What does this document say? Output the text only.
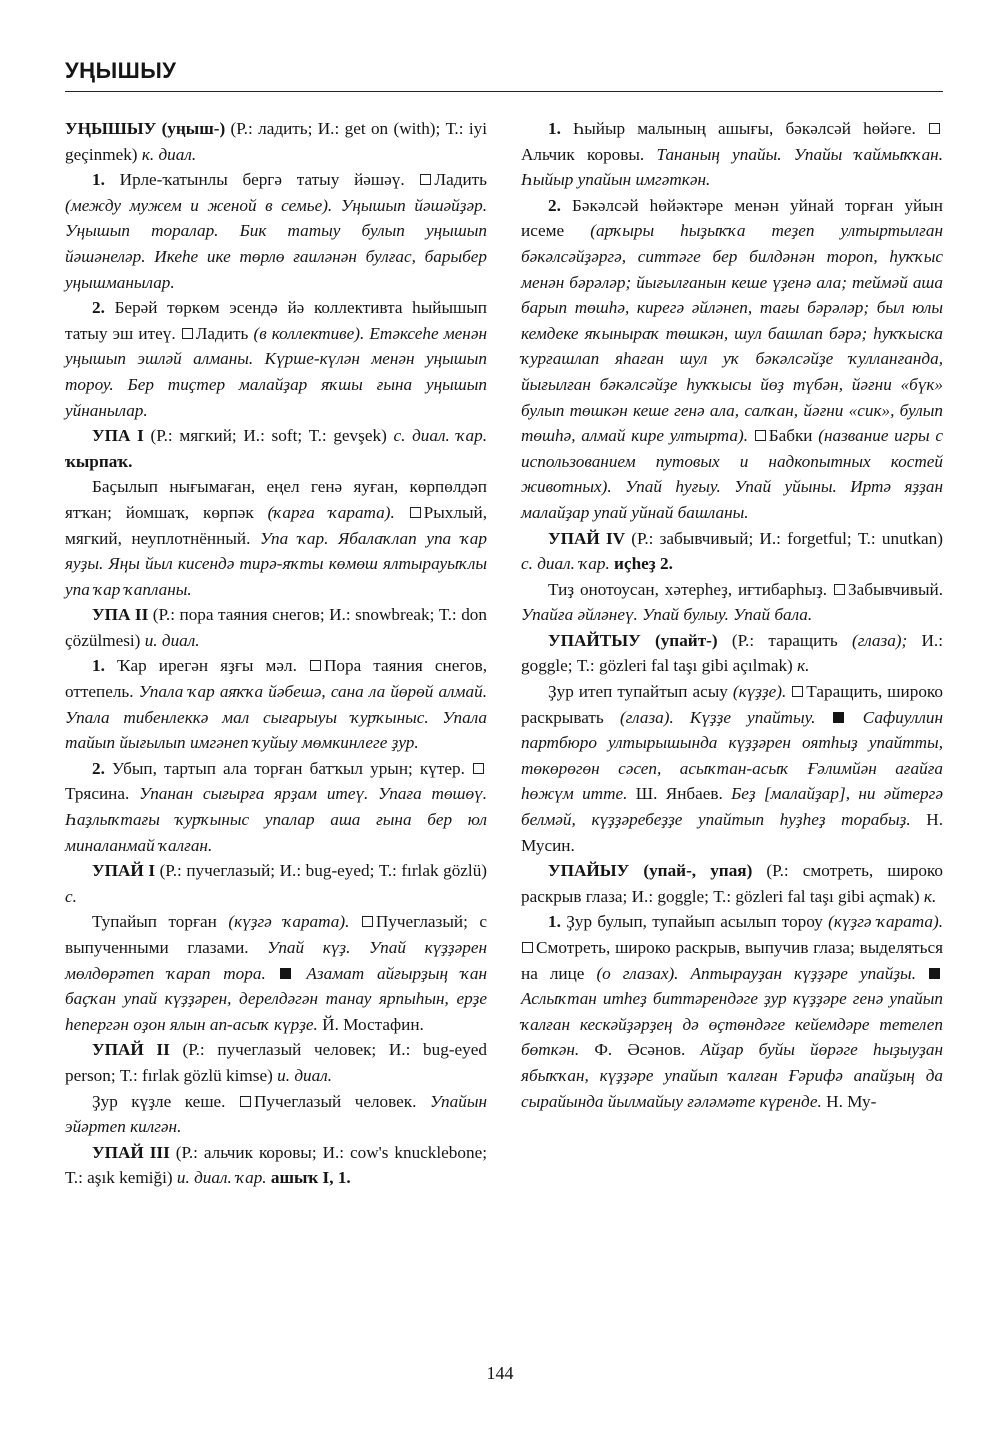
УҢЫШЫУ

УҢЫШЫУ (уңыш-) (Р.: ладить; И.: get on (with); Т.: iyi geçinmek) к. диал.

1. Ирле-ҡатынлы бергә татыу йәшәү. Ладить (между мужем и женой в семье). Уңышып йәшәйҙәр. Уңышып торалар. Бик татыу булып уңышып йәшәнеләр. Икеһе ике төрлө ғаиләнән булғас, барыбер уңышманылар.

2. Берәй төркөм эсендә йә коллективта һыйышып татыу эш итеү. Ладить (в коллективе). Етәксеһе менән уңышып эшләй алманы. Күрше-күлән менән уңышып тороу. Бер тиҫтер малайҙар яҡшы ғына уңышып уйнанылар.

УПА I (Р.: мягкий; И.: soft; Т.: gevşek) с. диал. ҡар. ҡырпаҡ.

Баҫылып нығымаған, еңел генә яуған, көрпөлдәп ятҡан; йомшаҡ, көрпәк (ҡарға ҡарата). Рыхлый, мягкий, неуплотнённый. Упа ҡар. Ябалаҡлап упа ҡар яуҙы. Яңы йыл кисендә тирә-яҡты көмөш ялтырауыҡлы упа ҡар ҡапланы.

УПА II (Р.: пора таяния снегов; И.: snowbreak; Т.: don çözülmesi) и. диал.

1. Ҡар ирегән яҙғы мәл. Пора таяния снегов, оттепель. Упала ҡар аяҡҡа йәбешә, сана ла йөрөй алмай. Упала тибенлеккә мал сығарыуы ҡурҡыныс. Упала тайып йығылып имгәнеп ҡуйыу мөмкинлеге ҙур.

2. Убып, тартып ала торған батҡыл урын; күтер. Трясина. Упанан сығырға ярҙам итеү. Упаға төшөү. Һаҙлыҡтағы ҡурҡыныс упалар аша ғына бер юл миналанмай ҡалған.

УПАЙ I (Р.: пучеглазый; И.: bug-eyed; Т.: fırlak gözlü) с.

Тупайып торған (күҙгә ҡарата). Пучеглазый; с выпученными глазами. Упай күҙ. Упай күҙҙәрен мөлдөрәтеп ҡарап тора.  Азамат айғырҙың ҡан баҫҡан упай күҙҙәрен, дерелдәгән танау ярпыһын, ерҙе һепергән оҙон ялын ап-асыҡ күрҙе. Й. Мостафин.

УПАЙ II (Р.: пучеглазый человек; И.: bug-eyed person; Т.: fırlak gözlü kimse) и. диал.

Ҙур күҙле кеше. Пучеглазый человек. Упайын эйәртеп килгән.

УПАЙ III (Р.: альчик коровы; И.: cow's knucklebone; Т.: aşık kemiği) и. диал. ҡар. ашыҡ I, 1.

1. Һыйыр малының ашығы, бәкәлсәй һөйәге. Альчик коровы. Тананың упайы. Упайы ҡаймыҡҡан. Һыйыр упайын имгәткән.

2. Бәкәлсәй һөйәктәре менән уйнай торған уйын исеме (арҡыры һыҙыҡҡа теҙеп ултыртылған бәкәлсәйҙәргә, ситтәге бер билдәнән тороп, һуҡҡыс менән бәрәләр; йығылғанын кеше үҙенә ала; теймәй аша барып төшһә, кирегә әйләнеп, тағы бәрәләр; был юлы кемдеке яҡыныраҡ төшкән, шул башлап бәрә; һуҡҡыска ҡурғашлап яһаған шул уҡ бәкәлсәйҙе ҡулланғанда, йығылған бәкәлсәйҙе һуҡҡысы йөҙ түбән, йәғни «бүк» булып төшкән кеше генә ала, салҡан, йәғни «сик», булып төшһә, алмай кире ултырта). Бабки (название игры с использованием путовых и надкопытных костей животных). Упай һуғыу. Упай уйыны. Иртә яҙҙан малайҙар упай уйнай башланы.

УПАЙ IV (Р.: забывчивый; И.: forgetful; Т.: unutkan) с. диал. ҡар. иҫһеҙ 2.

Тиҙ онотоусан, хәтерһеҙ, иғтибарһыҙ. Забывчивый. Упайға әйләнеү. Упай булыу. Упай бала.

УПАЙТЫУ (упайт-) (Р.: таращить (глаза); И.: goggle; Т.: gözleri fal taşı gibi açılmak) к.

Ҙур итеп тупайтып асыу (күҙҙе). Таращить, широко раскрывать (глаза). Күҙҙе упайтыу.  Сафиуллин партбюро ултырышында күҙҙәрен оятһыҙ упайтты, төкөрөгөн сәсеп, асыҡтан-асыҡ Ғәлимйән ағайға һөжүм итте. Ш. Янбаев. Беҙ [малайҙар], ни әйтергә белмәй, күҙҙәребеҙҙе упайтып һуҙһеҙ торабыҙ. Н. Мусин.

УПАЙЫУ (упай-, упая) (Р.: смотреть, широко раскрыв глаза; И.: goggle; Т.: gözleri fal taşı gibi açmak) к.

1. Ҙур булып, тупайып асылып тороу (күҙгә ҡарата). Смотреть, широко раскрыв, выпучив глаза; выделяться на лице (о глазах). Аптырауҙан күҙҙәре упайҙы.  Аслыҡтан итһеҙ биттәрендәге ҙур күҙҙәре генә упайып ҡалған кескәйҙәрҙең дә өҫтөндәге кейемдәре тетелеп бөткән. Ф. Әсәнов. Айҙар буйы йөрәге һыҙыуҙан ябыҡҡан, күҙҙәре упайып ҡалған Ғәрифә апайҙың да сырайында йылмайыу ғәләмәте күренде. Н. Му-

144
